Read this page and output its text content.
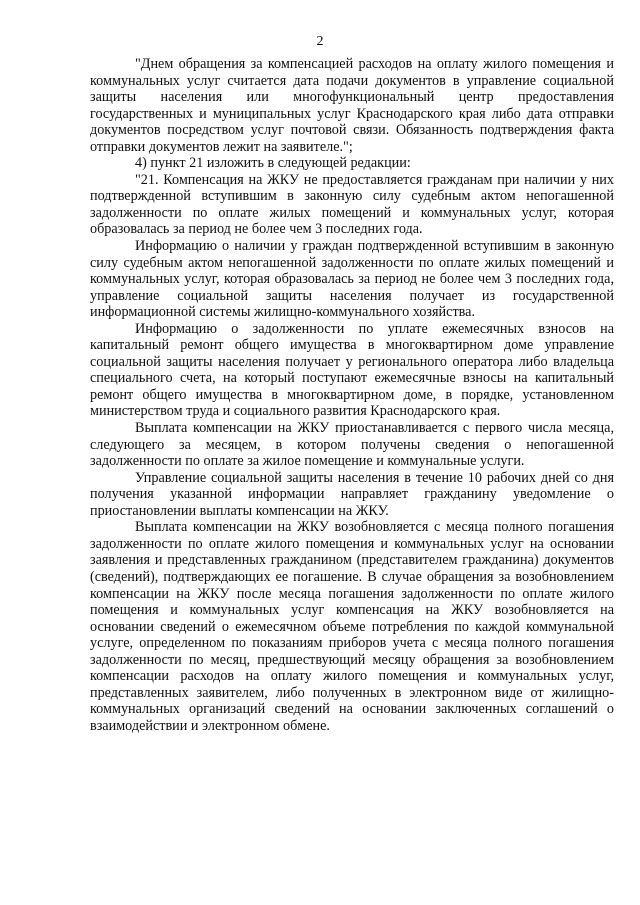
2

"Днем обращения за компенсацией расходов на оплату жилого помещения и коммунальных услуг считается дата подачи документов в управление социальной защиты населения или многофункциональный центр предоставления государственных и муниципальных услуг Краснодарского края либо дата отправки документов посредством услуг почтовой связи. Обязанность подтверждения факта отправки документов лежит на заявителе.";

4) пункт 21 изложить в следующей редакции:

"21. Компенсация на ЖКУ не предоставляется гражданам при наличии у них подтвержденной вступившим в законную силу судебным актом непогашенной задолженности по оплате жилых помещений и коммунальных услуг, которая образовалась за период не более чем 3 последних года.

Информацию о наличии у граждан подтвержденной вступившим в законную силу судебным актом непогашенной задолженности по оплате жилых помещений и коммунальных услуг, которая образовалась за период не более чем 3 последних года, управление социальной защиты населения получает из государственной информационной системы жилищно-коммунального хозяйства.

Информацию о задолженности по уплате ежемесячных взносов на капитальный ремонт общего имущества в многоквартирном доме управление социальной защиты населения получает у регионального оператора либо владельца специального счета, на который поступают ежемесячные взносы на капитальный ремонт общего имущества в многоквартирном доме, в порядке, установленном министерством труда и социального развития Краснодарского края.

Выплата компенсации на ЖКУ приостанавливается с первого числа месяца, следующего за месяцем, в котором получены сведения о непогашенной задолженности по оплате за жилое помещение и коммунальные услуги.

Управление социальной защиты населения в течение 10 рабочих дней со дня получения указанной информации направляет гражданину уведомление о приостановлении выплаты компенсации на ЖКУ.

Выплата компенсации на ЖКУ возобновляется с месяца полного погашения задолженности по оплате жилого помещения и коммунальных услуг на основании заявления и представленных гражданином (представителем гражданина) документов (сведений), подтверждающих ее погашение. В случае обращения за возобновлением компенсации на ЖКУ после месяца погашения задолженности по оплате жилого помещения и коммунальных услуг компенсация на ЖКУ возобновляется на основании сведений о ежемесячном объеме потребления по каждой коммунальной услуге, определенном по показаниям приборов учета с месяца полного погашения задолженности по месяц, предшествующий месяцу обращения за возобновлением компенсации расходов на оплату жилого помещения и коммунальных услуг, представленных заявителем, либо полученных в электронном виде от жилищно-коммунальных организаций сведений на основании заключенных соглашений о взаимодействии и электронном обмене.
